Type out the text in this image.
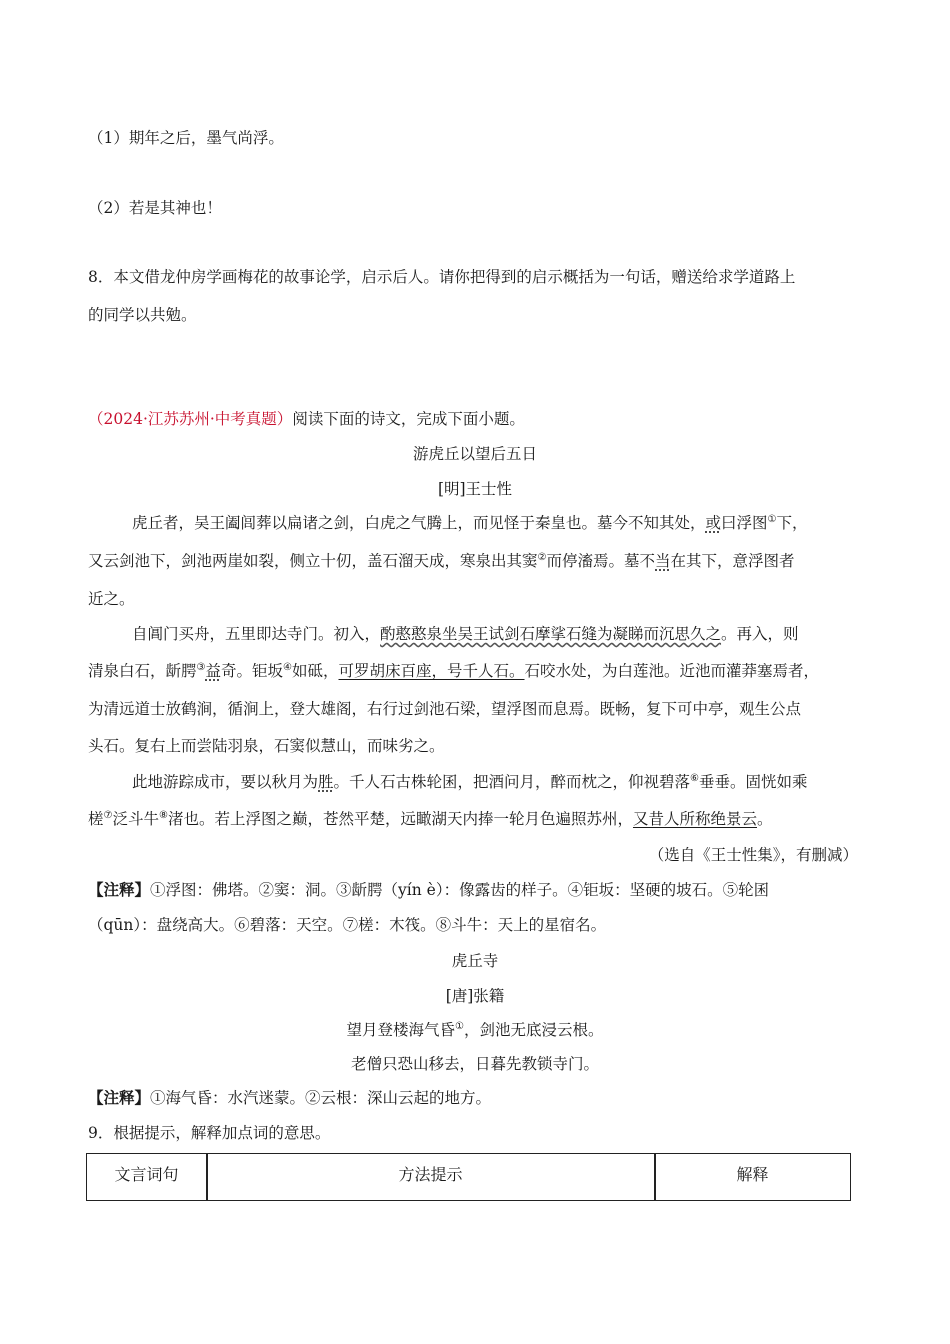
（1）期年之后，墨气尚浮。
（2）若是其神也！
8．本文借龙仲房学画梅花的故事论学，启示后人。请你把得到的启示概括为一句话，赠送给求学道路上
的同学以共勉。
（2024·江苏苏州·中考真题）阅读下面的诗文，完成下面小题。
游虎丘以望后五日
[明]王士性
虎丘者，吴王阖闾葬以扁诸之剑，白虎之气腾上，而见怪于秦皇也。墓今不知其处，或曰浮图①下，
又云剑池下，剑池两崖如裂，侧立十仞，盖石溜天成，寒泉出其窦②而停滀焉。墓不当在其下，意浮图者
近之。
自阊门买舟，五里即达寺门。初入，酌憨憨泉坐吴王试剑石摩挲石缝为凝睇而沉思久之。再入，则
清泉白石，龂腭③益奇。钜坂④如砥，可罗胡床百座，号千人石。石咬水处，为白莲池。近池而灌莽塞焉者，
为清远道士放鹤涧，循涧上，登大雄阁，右行过剑池石梁，望浮图而息焉。既畅，复下可中亭，观生公点
头石。复右上而尝陆羽泉，石窦似慧山，而味劣之。
此地游踪成市，要以秋月为胜。千人石古株轮囷，把酒问月，醉而枕之，仰视碧落⑥垂垂。固恍如乘
槎⑦泛斗牛⑧渚也。若上浮图之巅，苍然平楚，远瞰湖天内捧一轮月色遍照苏州，又昔人所称绝景云。
（选自《王士性集》，有删减）
【注释】①浮图：佛塔。②窦：洞。③龂腭（yín è）：像露齿的样子。④钜坂：坚硬的坡石。⑤轮囷
（qūn）：盘绕高大。⑥碧落：天空。⑦槎：木筏。⑧斗牛：天上的星宿名。
虎丘寺
[唐]张籍
望月登楼海气昏①，剑池无底浸云根。
老僧只恐山移去，日暮先教锁寺门。
【注释】①海气昏：水汽迷蒙。②云根：深山云起的地方。
9．根据提示，解释加点词的意思。
文言词句	方法提示	解释
